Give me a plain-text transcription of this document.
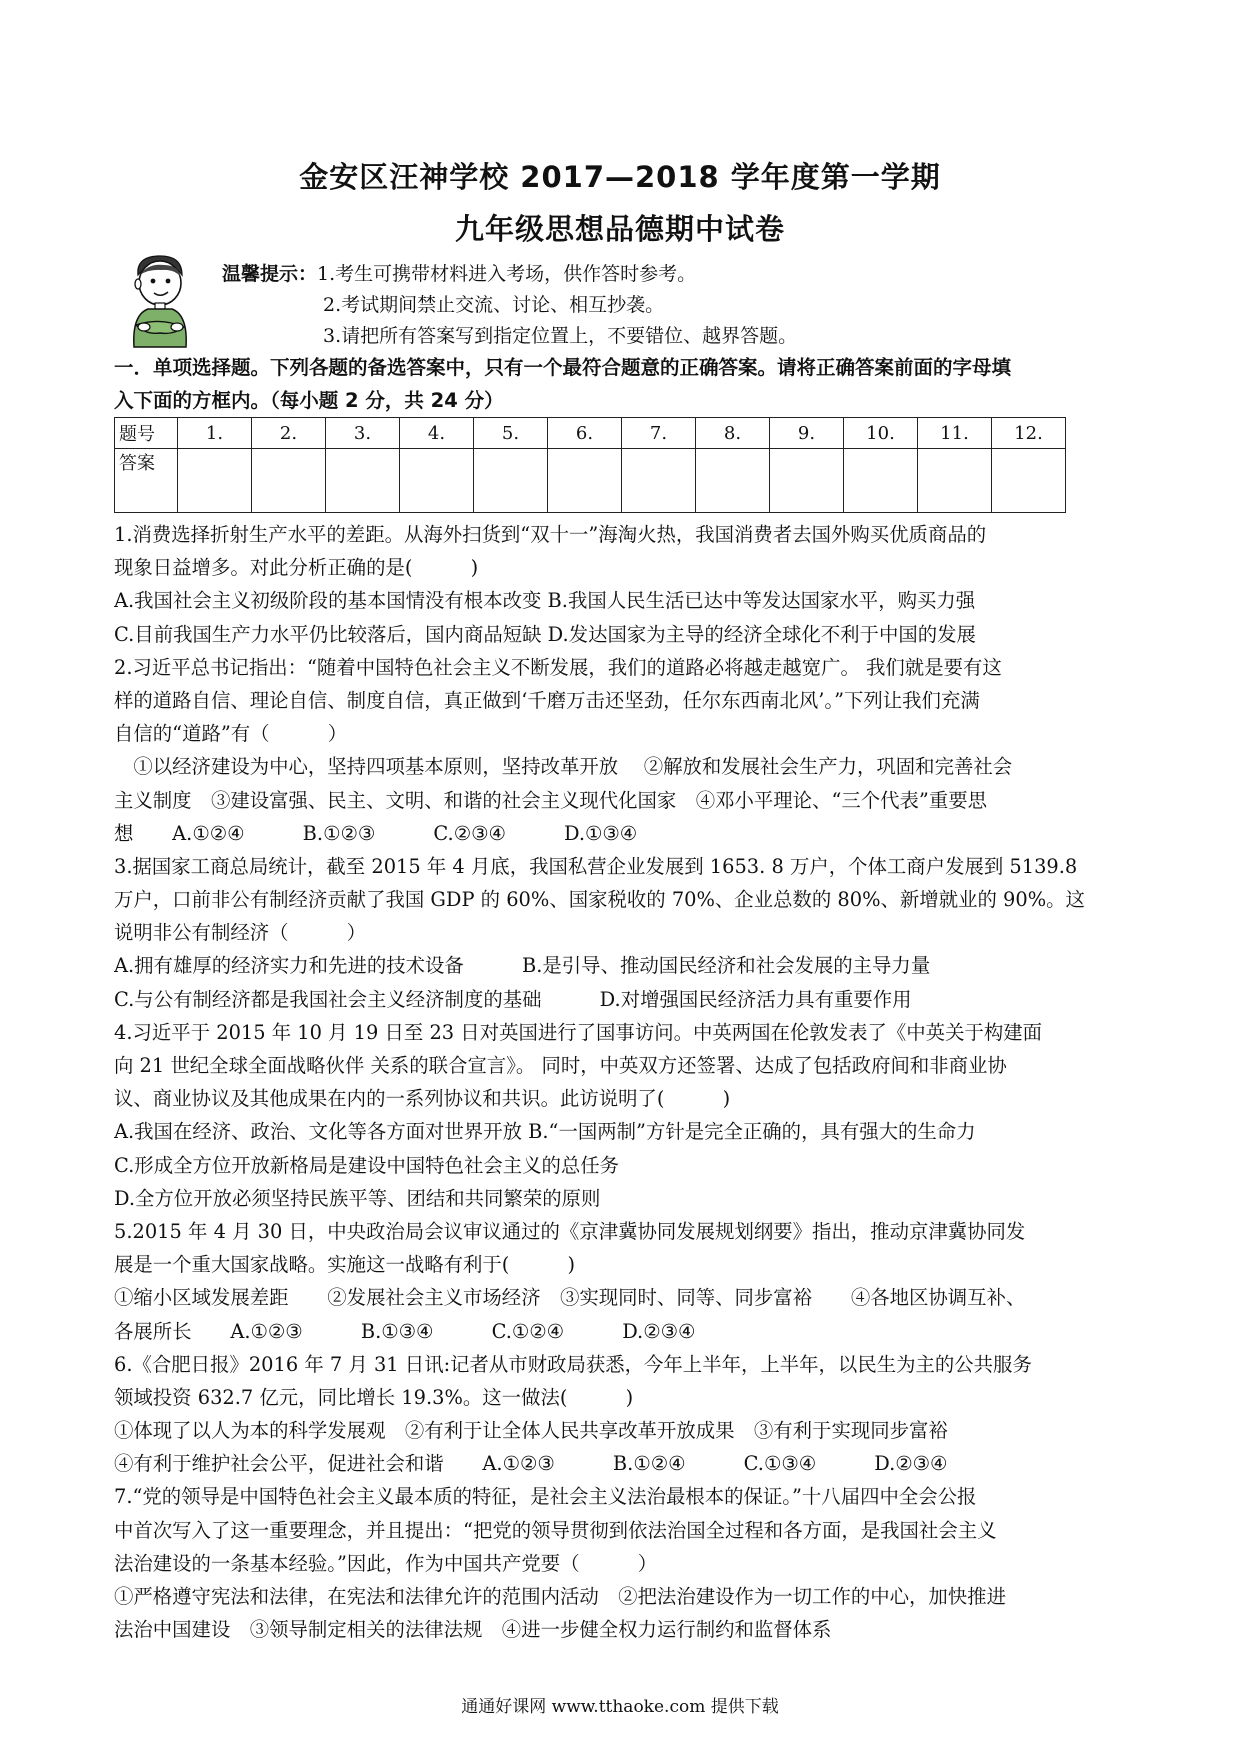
金安区汪神学校 2017—2018 学年度第一学期
九年级思想品德期中试卷
温馨提示：1.考生可携带材料进入考场，供作答时参考。
2.考试期间禁止交流、讨论、相互抄袭。
3.请把所有答案写到指定位置上，不要错位、越界答题。
一．单项选择题。下列各题的备选答案中，只有一个最符合题意的正确答案。请将正确答案前面的字母填
入下面的方框内。（每小题 2 分，共 24 分）
题号	1.	2.	3.	4.	5.	6.	7.	8.	9.	10.	11.	12.
答案												
1.消费选择折射生产水平的差距。从海外扫货到“双十一”海淘火热，我国消费者去国外购买优质商品的
现象日益增多。对此分析正确的是(　　　)
A.我国社会主义初级阶段的基本国情没有根本改变 B.我国人民生活已达中等发达国家水平，购买力强
C.目前我国生产力水平仍比较落后，国内商品短缺 D.发达国家为主导的经济全球化不利于中国的发展
2.习近平总书记指出：“随着中国特色社会主义不断发展，我们的道路必将越走越宽广。 我们就是要有这
样的道路自信、理论自信、制度自信，真正做到‘千磨万击还坚劲，任尔东西南北风’。”下列让我们充满
自信的“道路”有（　　　）
　①以经济建设为中心，坚持四项基本原则，坚持改革开放　 ②解放和发展社会生产力，巩固和完善社会
主义制度　③建设富强、民主、文明、和谐的社会主义现代化国家　④邓小平理论、“三个代表”重要思
想　　A.①②④　　　B.①②③　　　C.②③④　　　D.①③④
3.据国家工商总局统计，截至 2015 年 4 月底，我国私营企业发展到 1653. 8 万户，个体工商户发展到 5139.8
万户，口前非公有制经济贡献了我国 GDP 的 60%、国家税收的 70%、企业总数的 80%、新增就业的 90%。这
说明非公有制经济（　　　）
A.拥有雄厚的经济实力和先进的技术设备　　　B.是引导、推动国民经济和社会发展的主导力量
C.与公有制经济都是我国社会主义经济制度的基础　　　D.对增强国民经济活力具有重要作用
4.习近平于 2015 年 10 月 19 日至 23 日对英国进行了国事访问。中英两国在伦敦发表了《中英关于构建面
向 21 世纪全球全面战略伙伴 关系的联合宣言》。 同时，中英双方还签署、达成了包括政府间和非商业协
议、商业协议及其他成果在内的一系列协议和共识。此访说明了(　　　)
A.我国在经济、政治、文化等各方面对世界开放 B.“一国两制”方针是完全正确的，具有强大的生命力
C.形成全方位开放新格局是建设中国特色社会主义的总任务
D.全方位开放必须坚持民族平等、团结和共同繁荣的原则
5.2015 年 4 月 30 日，中央政治局会议审议通过的《京津冀协同发展规划纲要》指出，推动京津冀协同发
展是一个重大国家战略。实施这一战略有利于(　　　)
①缩小区域发展差距　　②发展社会主义市场经济　③实现同时、同等、同步富裕　　④各地区协调互补、
各展所长　　A.①②③　　　B.①③④　　　C.①②④　　　D.②③④
6.《合肥日报》2016 年 7 月 31 日讯:记者从市财政局获悉，今年上半年，上半年，以民生为主的公共服务
领域投资 632.7 亿元，同比增长 19.3%。这一做法(　　　)
①体现了以人为本的科学发展观　②有利于让全体人民共享改革开放成果　③有利于实现同步富裕
④有利于维护社会公平，促进社会和谐　　A.①②③　　　B.①②④　　　C.①③④　　　D.②③④
7.“党的领导是中国特色社会主义最本质的特征，是社会主义法治最根本的保证。”十八届四中全会公报
中首次写入了这一重要理念，并且提出：“把党的领导贯彻到依法治国全过程和各方面，是我国社会主义
法治建设的一条基本经验。”因此，作为中国共产党要（　　　）
①严格遵守宪法和法律，在宪法和法律允许的范围内活动　②把法治建设作为一切工作的中心，加快推进
法治中国建设　③领导制定相关的法律法规　④进一步健全权力运行制约和监督体系
通通好课网 www.tthaoke.com 提供下载
